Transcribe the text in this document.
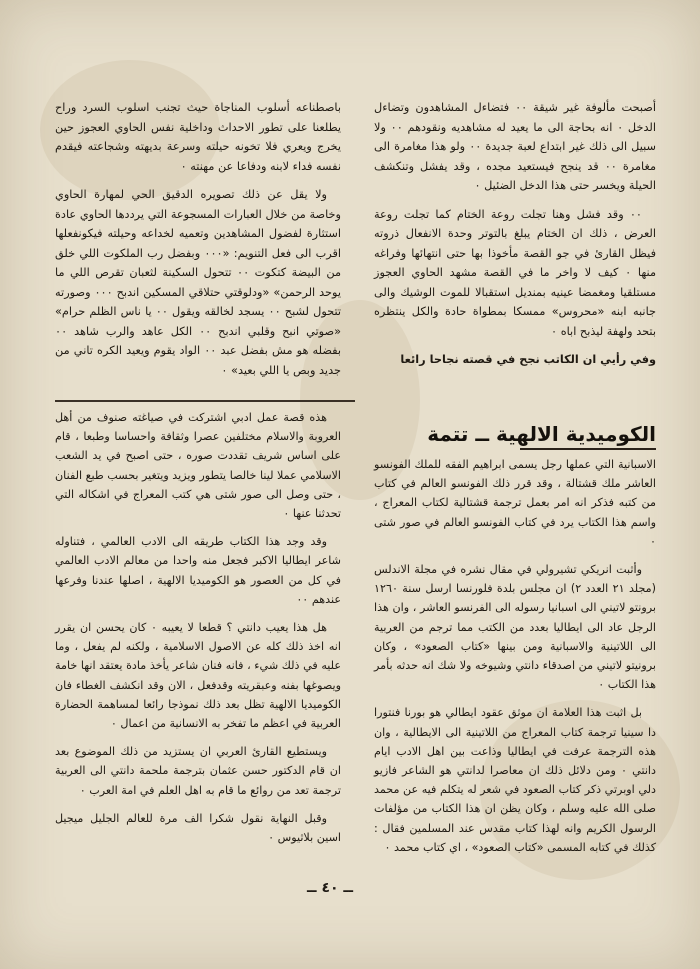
أصبحت مألوفة غير شيقة ٠٠ فتضاءل المشاهدون وتضاءل الدخل ٠ انه بحاجة الى ما يعيد له مشاهديه ونقودهم ٠٠ ولا سبيل الى ذلك غير ابتداع لعبة جديدة ٠٠ ولو هذا مغامرة الى مغامرة ٠٠ قد ينجح فيستعيد مجده ، وقد يفشل وتنكشف الحيلة ويخسر حتى هذا الدخل الضئيل ٠

٠٠ وقد فشل وهنا تجلت روعة الختام كما تجلت روعة العرض ، ذلك ان الختام يبلغ بالتوتر وحدة الانفعال ذروته فيظل القارئ في جو القصة مأخوذا بها حتى انتهائها وفراغه منها ٠ كيف لا واخر ما في القصة مشهد الحاوي العجوز مستلقيا ومغمضا عينيه بمنديل استقبالا للموت الوشيك والى جانبه ابنه «محروس» ممسكا بمطواة حادة والكل ينتظره بتحد ولهفة ليذبح اباه ٠

وفي رأيي ان الكاتب نجح في قصته نجاحا رائعا

باصطناعه أسلوب المناجاة حيث تجنب اسلوب السرد وراح يطلعنا على تطور الاحداث وداخلية نفس الحاوي العجوز حين يخرج ويعري فلا تخونه حيلته وسرعة بديهته وشجاعته فيقدم نفسه فداء لابنه ودفاعا عن مهنته ٠

ولا يقل عن ذلك تصويره الدقيق الحي لمهارة الحاوي وخاصة من خلال العبارات المسجوعة التي يرددها الحاوي عادة استثارة لفضول المشاهدين وتعميه لخداعه وحيلته فيكونفعلها اقرب الى فعل التنويم: «٠٠٠ وبفضل رب الملكوت اللي خلق من البيضة كتكوت ٠٠ تتحول السكينة لثعبان تقرص اللي ما يوحد الرحمن» «ودلوقتي حتلاقي المسكين اندبح ٠٠٠ وصورته تتحول لشبح ٠٠ يسجد لخالقه ويقول ٠٠ يا ناس الظلم حرام» «صوتي انبح وقلبي اندبح ٠٠ الكل عاهد والرب شاهد ٠٠ بفضله هو مش بفضل عبد ٠٠ الواد يقوم ويعيد الكره تاني من جديد وبص يا اللي بعيد» ٠

الكوميدية الالهية ــ تتمة

الاسبانية التي عملها رجل يسمى ابراهيم الفقه للملك الفونسو العاشر ملك قشتالة ، وقد قرر ذلك الفونسو العالم في كتاب من كتبه فذكر انه امر بعمل ترجمة قشتالية لكتاب المعراج ، واسم هذا الكتاب يرد في كتاب الفونسو العالم في صور شتى ٠

وأثبت انريكي تشيرولي في مقال نشره في مجلة الاندلس (مجلد ٢١ العدد ٢) ان مجلس بلدة فلورنسا ارسل سنة ١٢٦٠ برونتو لاتيني الى اسبانيا رسوله الى الفرنسو العاشر ، وان هذا الرجل عاد الى ايطاليا بعدد من الكتب مما ترجم من العربية الى اللاتينية والاسبانية ومن بينها «كتاب الصعود» ، وكان برونيتو لاتيني من اصدقاء دانتي وشيوخه ولا شك انه حدثه بأمر هذا الكتاب ٠

بل اثبت هذا العلامة ان موثق عقود ايطالي هو بورنا فنتورا دا سينيا ترجمة كتاب المعراج من اللاتينية الى الايطالية ، وان هذه الترجمة عرفت في ايطاليا وذاعت بين اهل الادب ايام دانتي ٠ ومن دلائل ذلك ان معاصرا لدانتي هو الشاعر فازيو دلي اوبرتي ذكر كتاب الصعود في شعر له يتكلم فيه عن محمد صلى الله عليه وسلم ، وكان يظن ان هذا الكتاب من مؤلفات الرسول الكريم وانه لهذا كتاب مقدس عند المسلمين فقال : كذلك في كتابه المسمى «كتاب الصعود» ، اي كتاب محمد ٠

هذه قصة عمل ادبي اشتركت في صياغته صنوف من أهل العروبة والاسلام مختلفين عصرا وثقافة واحساسا وطبعا ، قام على اساس شريف تقددت صوره ، حتى اصبح في يد الشعب الاسلامي عملا لينا خالصا يتطور ويزيد ويتغير بحسب طبع الفنان ، حتى وصل الى صور شتى هي كتب المعراج في اشكاله التي تحدثنا عنها ٠

وقد وجد هذا الكتاب طريقه الى الادب العالمي ، فتناوله شاعر ايطاليا الاكبر فجعل منه واحدا من معالم الادب العالمي في كل من العصور هو الكوميديا الالهية ، اصلها عندنا وفرعها عندهم ٠٠

هل هذا يعيب دانتي ؟ قطعا لا يعيبه ٠ كان يحسن ان يقرر انه اخذ ذلك كله عن الاصول الاسلامية ، ولكنه لم يفعل ، وما عليه في ذلك شيء ، فانه فنان شاعر يأخذ مادة يعتقد انها خامة ويصوغها بفنه وعبقريته وقدفعل ، الان وقد انكشف الغطاء فان الكوميديا الالهية تظل بعد ذلك نموذجا رائعا لمساهمة الحضارة العربية في اعظم ما تفخر به الانسانية من اعمال ٠

ويستطيع القارئ العربي ان يستزيد من ذلك الموضوع بعد ان قام الدكتور حسن عثمان بترجمة ملحمة دانتي الى العربية ترجمة تعد من روائع ما قام به اهل العلم في امة العرب ٠

وقبل النهاية نقول شكرا الف مرة للعالم الجليل ميجيل اسين بلاثيوس ٠

ــ ٤٠ ــ
